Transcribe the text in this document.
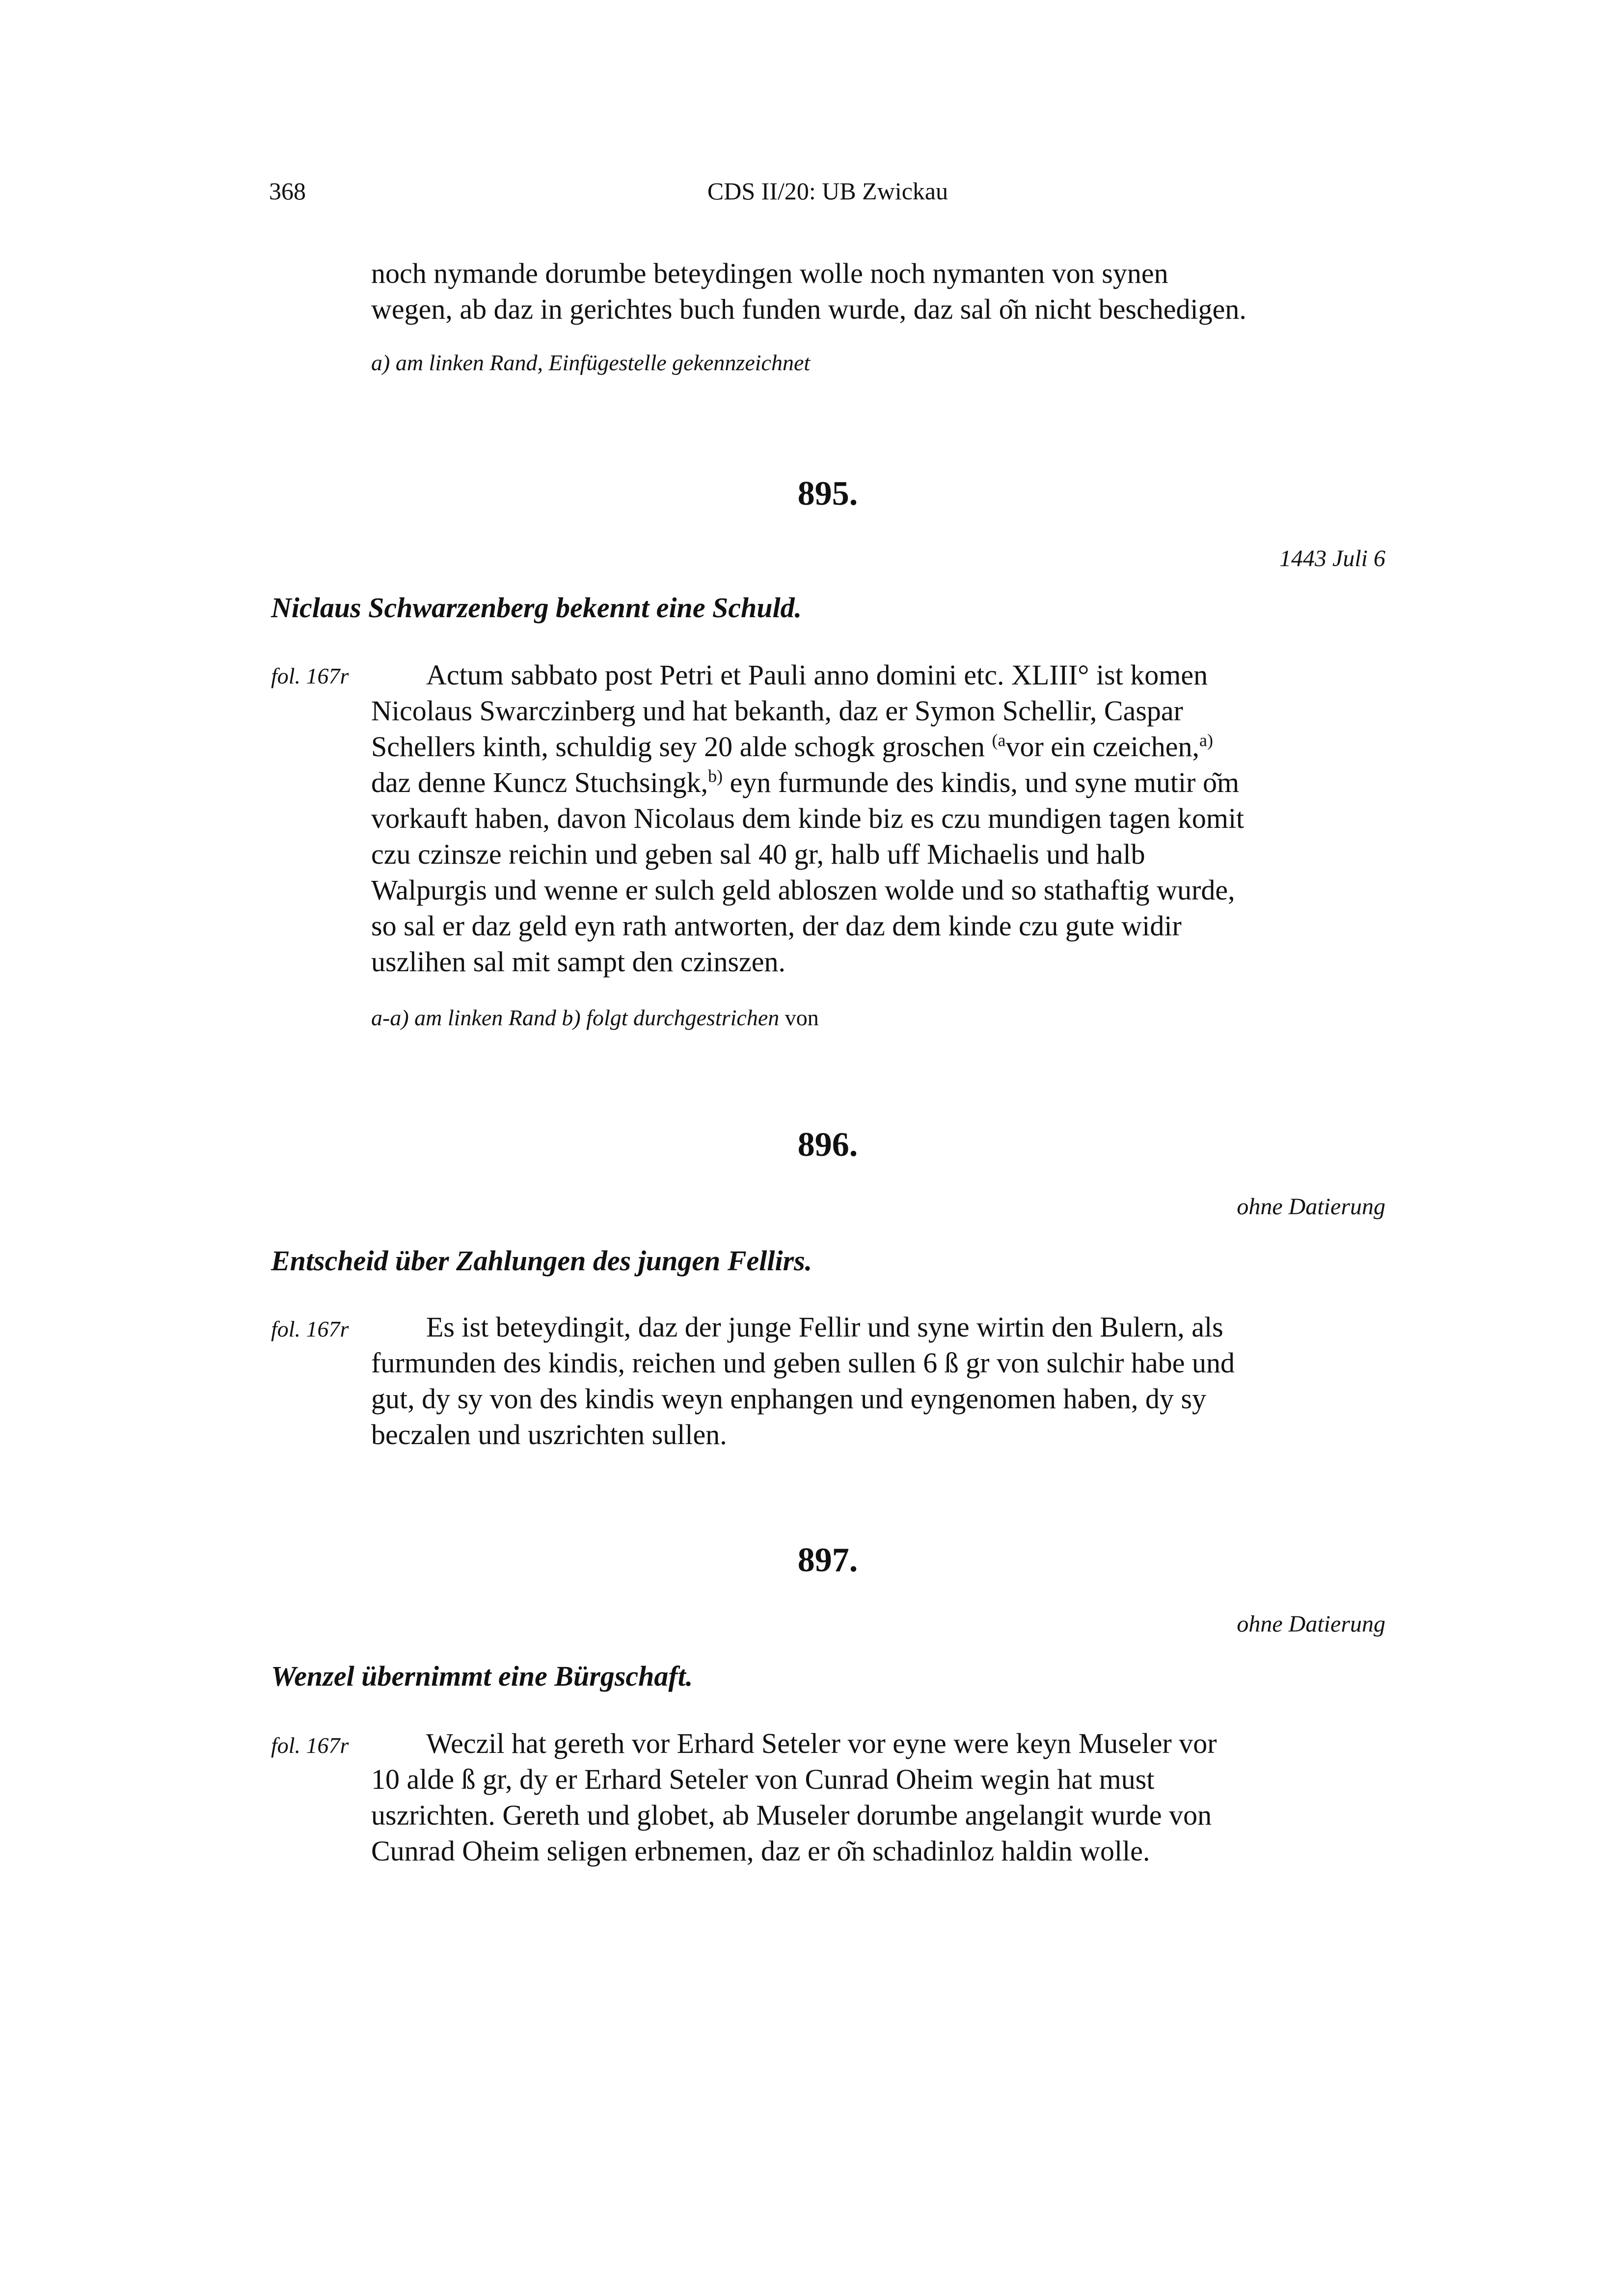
368	CDS II/20: UB Zwickau
noch nymande dorumbe beteydingen wolle noch nymanten von synen
wegen, ab daz in gerichtes buch funden wurde, daz sal o͂n nicht beschedigen.
a) am linken Rand, Einfügestelle gekennzeichnet
895.
1443 Juli 6
Niclaus Schwarzenberg bekennt eine Schuld.
fol. 167r	Actum sabbato post Petri et Pauli anno domini etc. XLIII° ist komen
Nicolaus Swarczinberg und hat bekanth, daz er Symon Schellir, Caspar
Schellers kinth, schuldig sey 20 alde schogk groschen $^{(a}$vor ein czeichen,$^{a)}$
daz denne Kuncz Stuchsingk,$^{b)}$ eyn furmunde des kindis, und syne mutir o͂m
vorkauft haben, davon Nicolaus dem kinde biz es czu mundigen tagen komit
czu czinsze reichin und geben sal 40 gr, halb uff Michaelis und halb
Walpurgis und wenne er sulch geld abloszen wolde und so stathaftig wurde,
so sal er daz geld eyn rath antworten, der daz dem kinde czu gute widir
uszlihen sal mit sampt den czinszen.
a-a) am linken Rand b) folgt durchgestrichen von
896.
ohne Datierung
Entscheid über Zahlungen des jungen Fellirs.
fol. 167r	Es ist beteydingit, daz der junge Fellir und syne wirtin den Bulern, als
furmunden des kindis, reichen und geben sullen 6 ß gr von sulchir habe und
gut, dy sy von des kindis weyn enphangen und eyngenomen haben, dy sy
beczalen und uszrichten sullen.
897.
ohne Datierung
Wenzel übernimmt eine Bürgschaft.
fol. 167r	Weczil hat gereth vor Erhard Seteler vor eyne were keyn Museler vor
10 alde ß gr, dy er Erhard Seteler von Cunrad Oheim wegin hat must
uszrichten. Gereth und globet, ab Museler dorumbe angelangit wurde von
Cunrad Oheim seligen erbnemen, daz er o͂n schadinloz haldin wolle.
